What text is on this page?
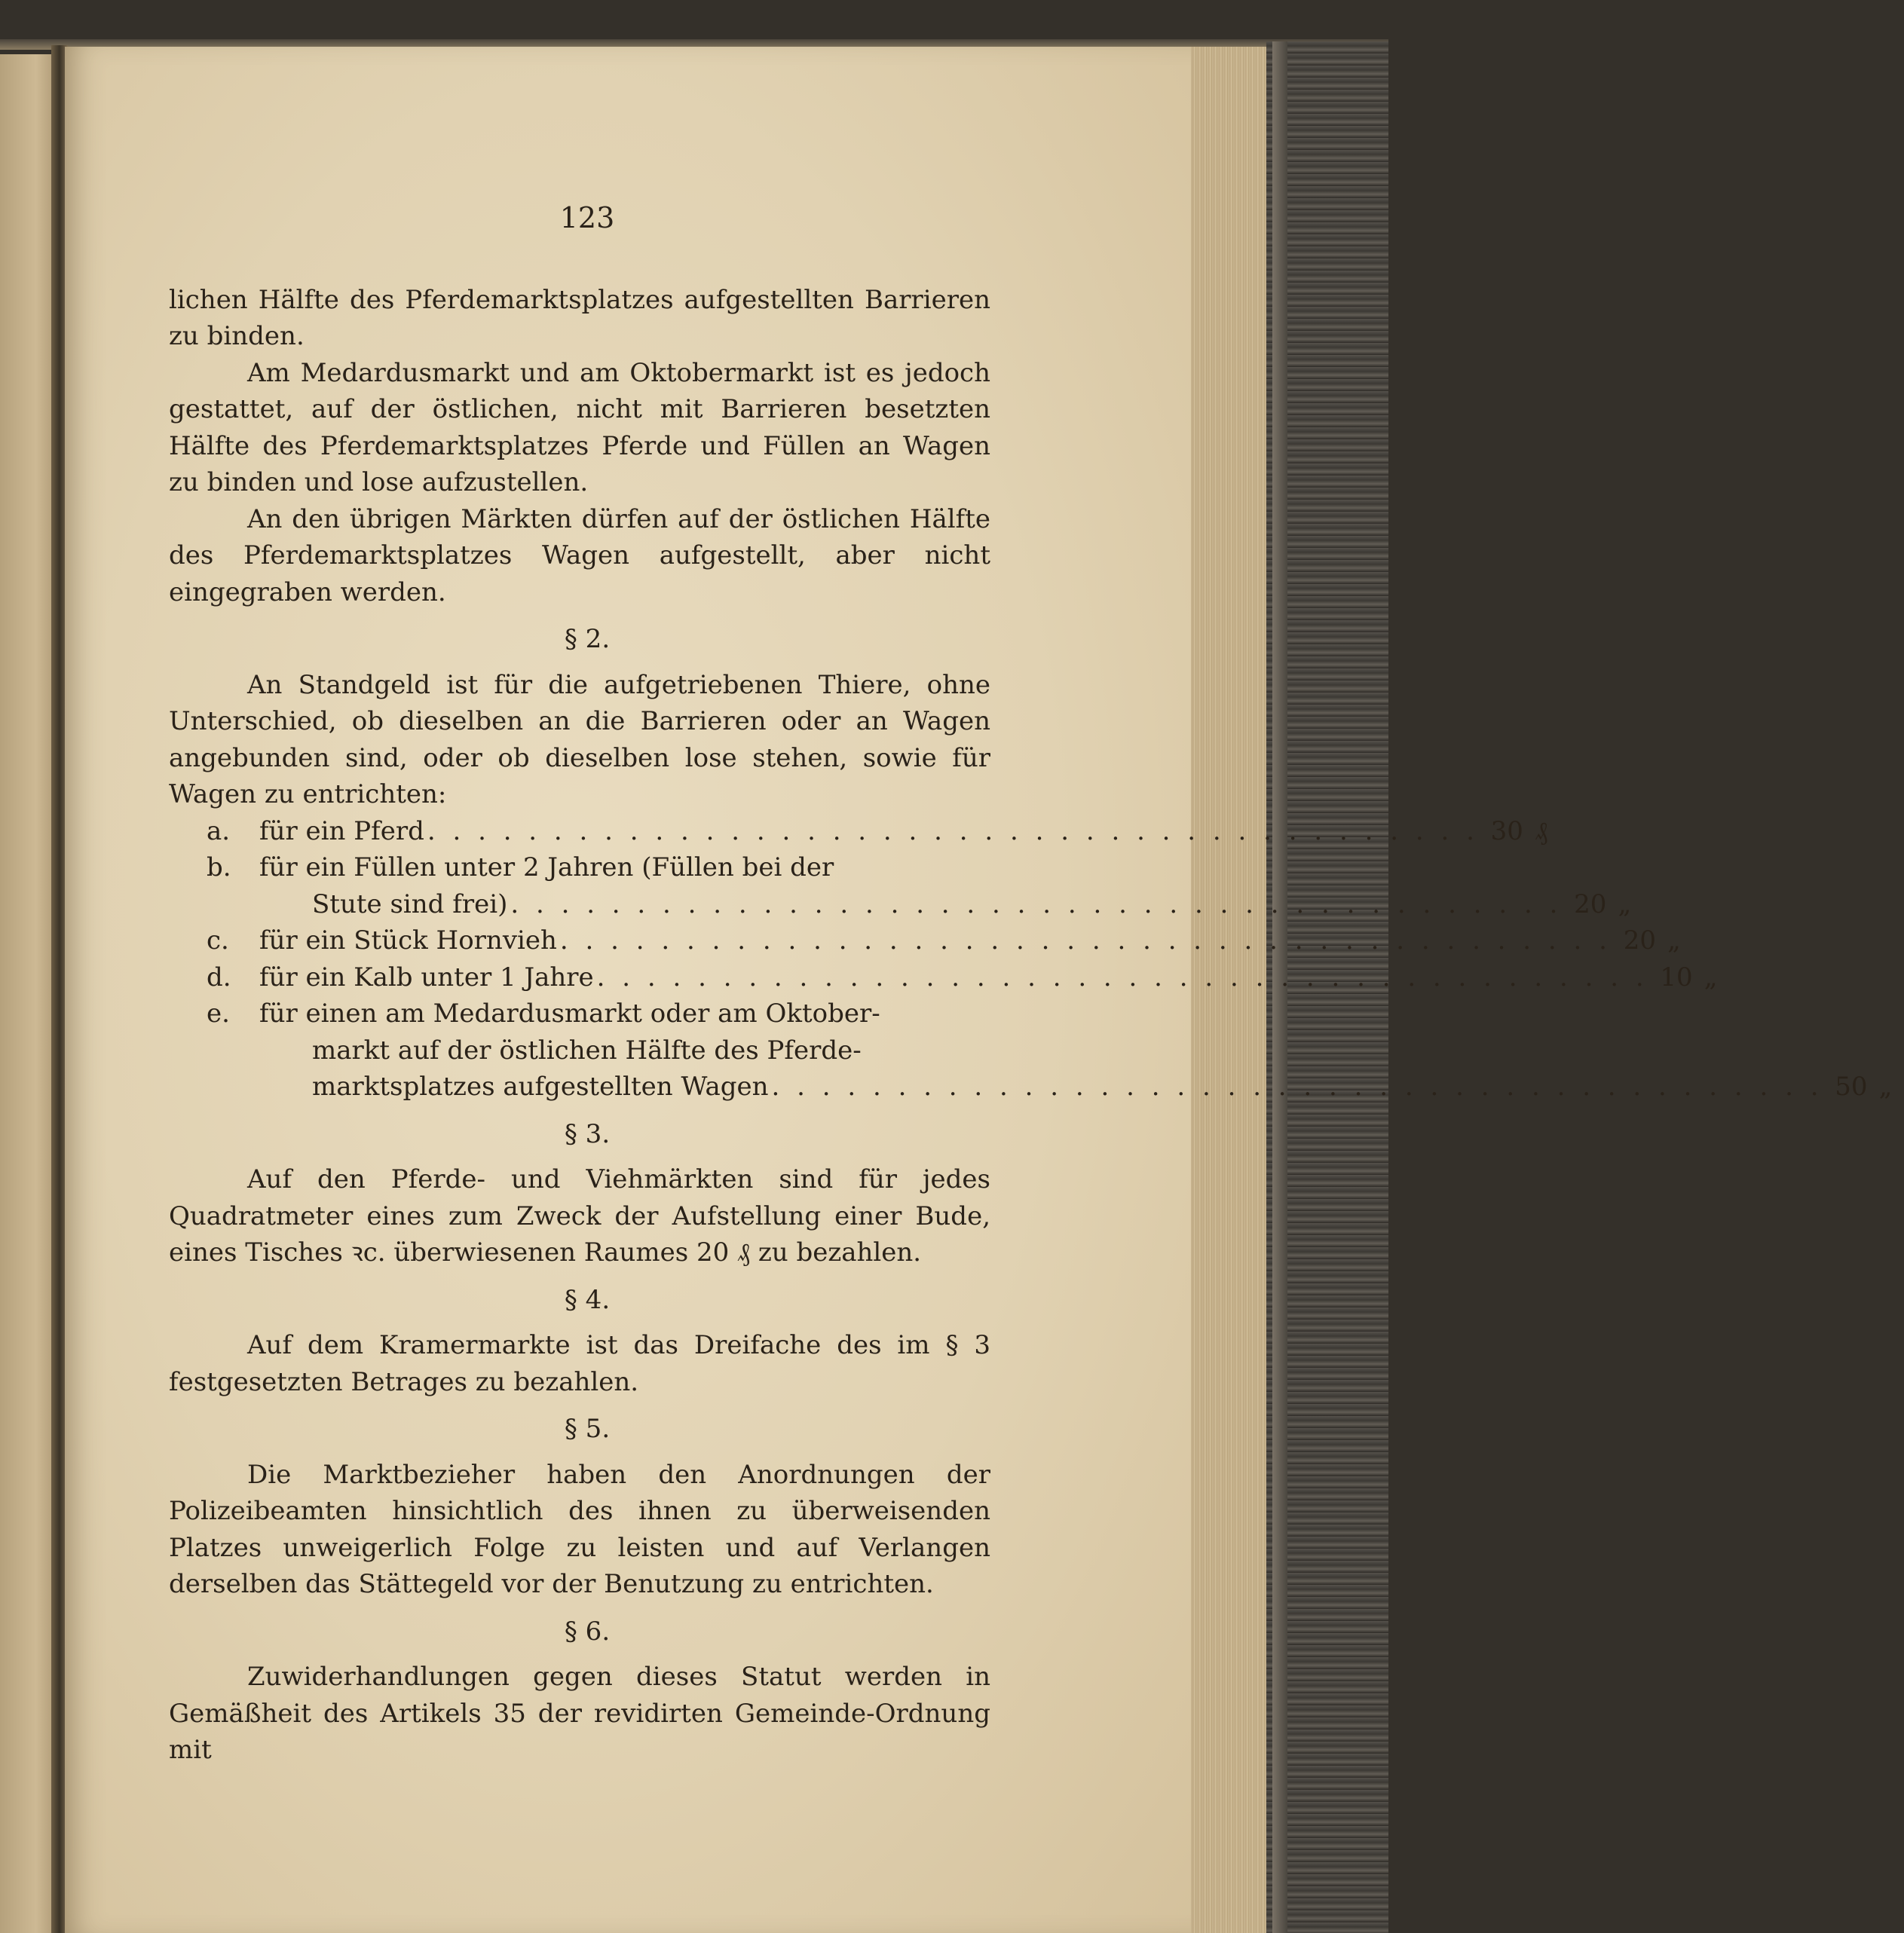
123

lichen Hälfte des Pferdemarktsplatzes aufgestellten Barrieren zu binden.

Am Medardusmarkt und am Oktobermarkt ist es jedoch gestattet, auf der östlichen, nicht mit Barrieren besetzten Hälfte des Pferdemarktsplatzes Pferde und Füllen an Wagen zu binden und lose aufzustellen.

An den übrigen Märkten dürfen auf der östlichen Hälfte des Pferdemarktsplatzes Wagen aufgestellt, aber nicht eingegraben werden.

§ 2.

An Standgeld ist für die aufgetriebenen Thiere, ohne Unterschied, ob dieselben an die Barrieren oder an Wagen angebunden sind, oder ob dieselben lose stehen, sowie für Wagen zu entrichten:

a.	für ein Pferd . . .	30 ₰
b.	für ein Füllen unter 2 Jahren (Füllen bei der
Stute sind frei) . . .	20 „
c.	für ein Stück Hornvieh . . .	20 „
d.	für ein Kalb unter 1 Jahre . . .	10 „
e.	für einen am Medardusmarkt oder am Oktober-
markt auf der östlichen Hälfte des Pferde-
marktsplatzes aufgestellten Wagen . . .	50 „
§ 3.

Auf den Pferde- und Viehmärkten sind für jedes Quadratmeter eines zum Zweck der Aufstellung einer Bude, eines Tisches ꝛc. überwiesenen Raumes 20 ₰ zu bezahlen.

§ 4.

Auf dem Kramermarkte ist das Dreifache des im § 3 festgesetzten Betrages zu bezahlen.

§ 5.

Die Marktbezieher haben den Anordnungen der Polizeibeamten hinsichtlich des ihnen zu überweisenden Platzes unweigerlich Folge zu leisten und auf Verlangen derselben das Stättegeld vor der Benutzung zu entrichten.

§ 6.

Zuwiderhandlungen gegen dieses Statut werden in Gemäßheit des Artikels 35 der revidirten Gemeinde-Ordnung mit
